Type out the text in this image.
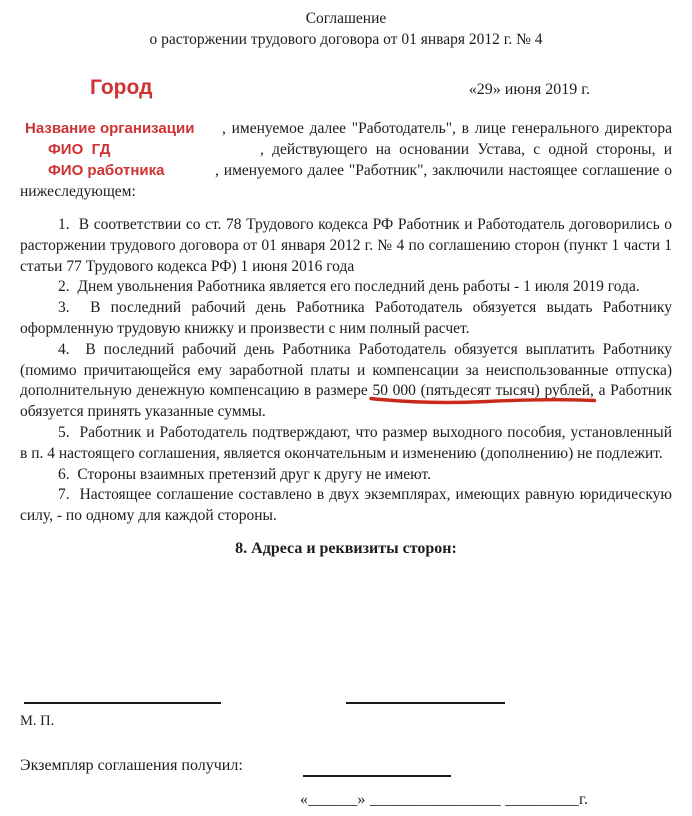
Соглашение
о расторжении трудового договора от 01 января 2012 г. № 4
Город	«29» июня 2019 г.
Название организации	, именуемое далее "Работодатель", в лице генерального директора
ФИО  ГД	, действующего на основании Устава, с одной стороны, и
ФИО работника	, именуемого далее "Работник", заключили настоящее соглашение о
нижеследующем:

1.  В соответствии со ст. 78 Трудового кодекса РФ Работник и Работодатель договорились о расторжении трудового договора от 01 января 2012 г. № 4 по соглашению сторон (пункт 1 части 1 статьи 77 Трудового кодекса РФ) 1 июня 2016 года

2.  Днем увольнения Работника является его последний день работы - 1 июля 2019 года.

3.  В последний рабочий день Работника Работодатель обязуется выдать Работнику оформленную трудовую книжку и произвести с ним полный расчет.

4.  В последний рабочий день Работника Работодатель обязуется выплатить Работнику (помимо причитающейся ему заработной платы и компенсации за неиспользованные отпуска) дополнительную денежную компенсацию в размере 50 000 (пятьдесят тысяч) рублей,
а Работник обязуется принять указанные суммы.

5.  Работник и Работодатель подтверждают, что размер выходного пособия, установленный в п. 4 настоящего соглашения, является окончательным и изменению (дополнению) не подлежит.

6.  Стороны взаимных претензий друг к другу не имеют.

7.  Настоящее соглашение составлено в двух экземплярах, имеющих равную юридическую силу, - по одному для каждой стороны.

8. Адреса и реквизиты сторон:
М. П.
Экземпляр соглашения получил:
«______» ________________ _________г.
